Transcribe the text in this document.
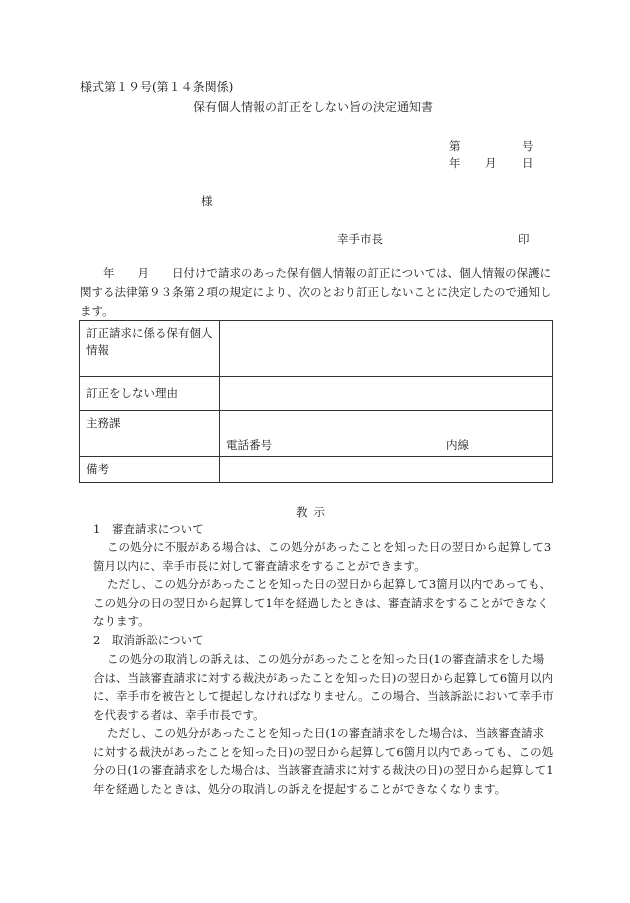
様式第１９号(第１４条関係)
保有個人情報の訂正をしない旨の決定通知書
第	号
年 月 日
様
幸手市長	印
　　年　　月　　日付けで請求のあった保有個人情報の訂正については、個人情報の保護に関する法律第９３条第２項の規定により、次のとおり訂正しないことに決定したので通知します。
訂正請求に係る保有個人情報	
訂正をしない理由	
主務課	電話番号 内線

備考	
教示
1　審査請求について
この処分に不服がある場合は、この処分があったことを知った日の翌日から起算して3箇月以内に、幸手市長に対して審査請求をすることができます。
ただし、この処分があったことを知った日の翌日から起算して3箇月以内であっても、この処分の日の翌日から起算して1年を経過したときは、審査請求をすることができなくなります。
2　取消訴訟について
この処分の取消しの訴えは、この処分があったことを知った日(1の審査請求をした場合は、当該審査請求に対する裁決があったことを知った日)の翌日から起算して6箇月以内に、幸手市を被告として提起しなければなりません。この場合、当該訴訟において幸手市を代表する者は、幸手市長です。
ただし、この処分があったことを知った日(1の審査請求をした場合は、当該審査請求に対する裁決があったことを知った日)の翌日から起算して6箇月以内であっても、この処分の日(1の審査請求をした場合は、当該審査請求に対する裁決の日)の翌日から起算して1年を経過したときは、処分の取消しの訴えを提起することができなくなります。
